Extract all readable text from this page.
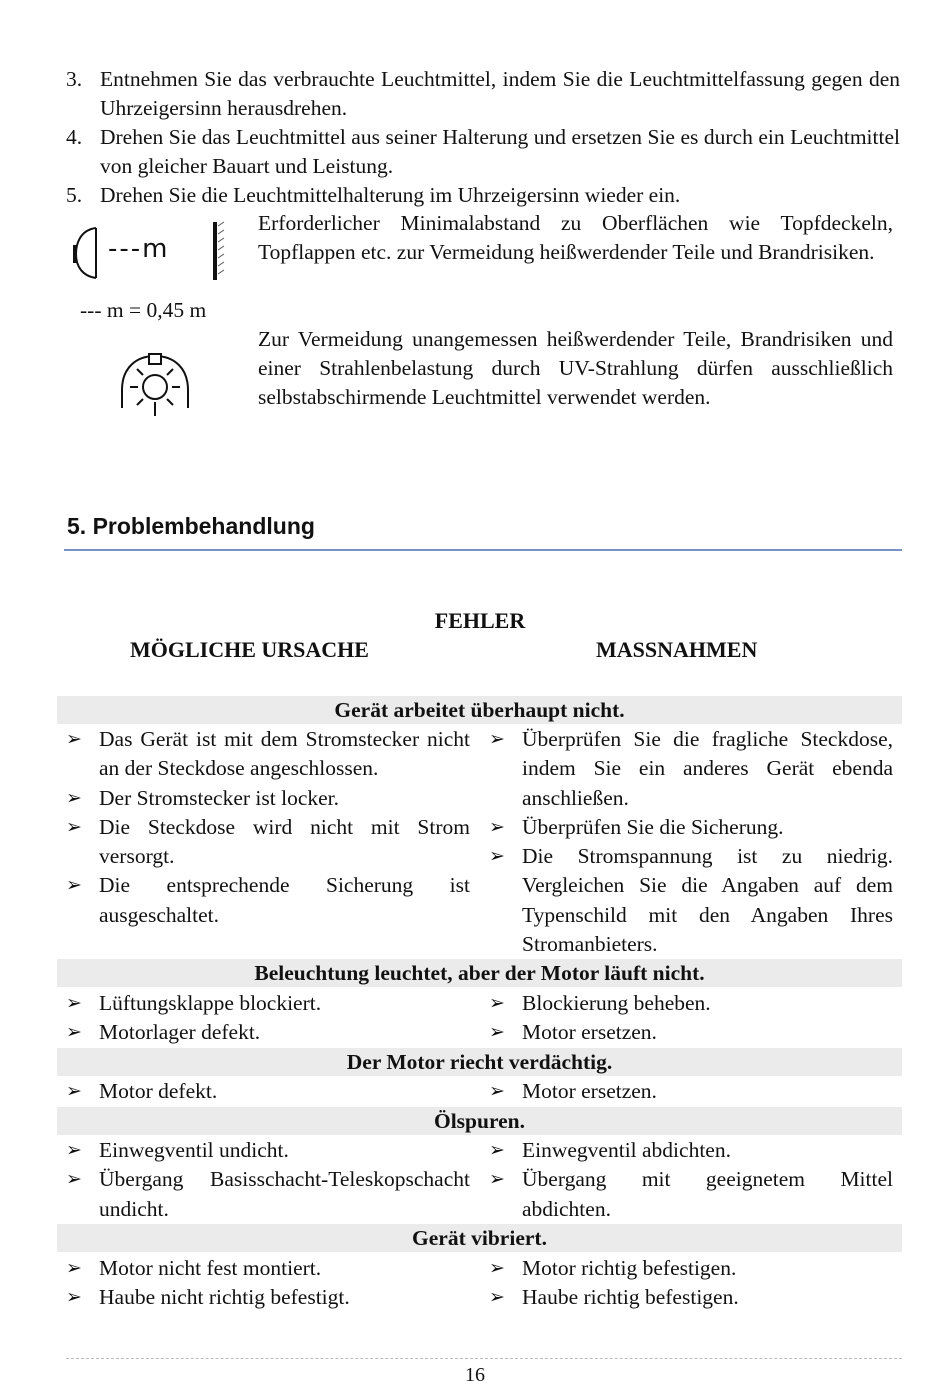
3. Entnehmen Sie das verbrauchte Leuchtmittel, indem Sie die Leuchtmittelfassung gegen den Uhrzeigersinn herausdrehen.
4. Drehen Sie das Leuchtmittel aus seiner Halterung und ersetzen Sie es durch ein Leuchtmittel von gleicher Bauart und Leistung.
5. Drehen Sie die Leuchtmittelhalterung im Uhrzeigersinn wieder ein.
---m
--- m = 0,45 m
Erforderlicher Minimalabstand zu Oberflächen wie Topfdeckeln, Topflappen etc. zur Vermeidung heißwerdender Teile und Brandrisiken.
Zur Vermeidung unangemessen heißwerdender Teile, Brandrisiken und einer Strahlenbelastung durch UV-Strahlung dürfen ausschließlich selbstabschirmende Leuchtmittel verwendet werden.
5. Problembehandlung
FEHLER
MÖGLICHE URSACHE	MASSNAHMEN
Gerät arbeitet überhaupt nicht.
➢ Das Gerät ist mit dem Stromstecker nicht an der Steckdose angeschlossen.
➢ Der Stromstecker ist locker.
➢ Die Steckdose wird nicht mit Strom versorgt.
➢ Die entsprechende Sicherung ist ausgeschaltet.
➢ Überprüfen Sie die fragliche Steckdose, indem Sie ein anderes Gerät ebenda anschließen.
➢ Überprüfen Sie die Sicherung.
➢ Die Stromspannung ist zu niedrig. Vergleichen Sie die Angaben auf dem Typenschild mit den Angaben Ihres Stromanbieters.
Beleuchtung leuchtet, aber der Motor läuft nicht.
➢ Lüftungsklappe blockiert.
➢ Motorlager defekt.
➢ Blockierung beheben.
➢ Motor ersetzen.
Der Motor riecht verdächtig.
➢ Motor defekt.	➢ Motor ersetzen.
Ölspuren.
➢ Einwegventil undicht.
➢ Übergang Basisschacht-Teleskopschacht undicht.
➢ Einwegventil abdichten.
➢ Übergang mit geeignetem Mittel abdichten.
Gerät vibriert.
➢ Motor nicht fest montiert.
➢ Haube nicht richtig befestigt.
➢ Motor richtig befestigen.
➢ Haube richtig befestigen.
16
